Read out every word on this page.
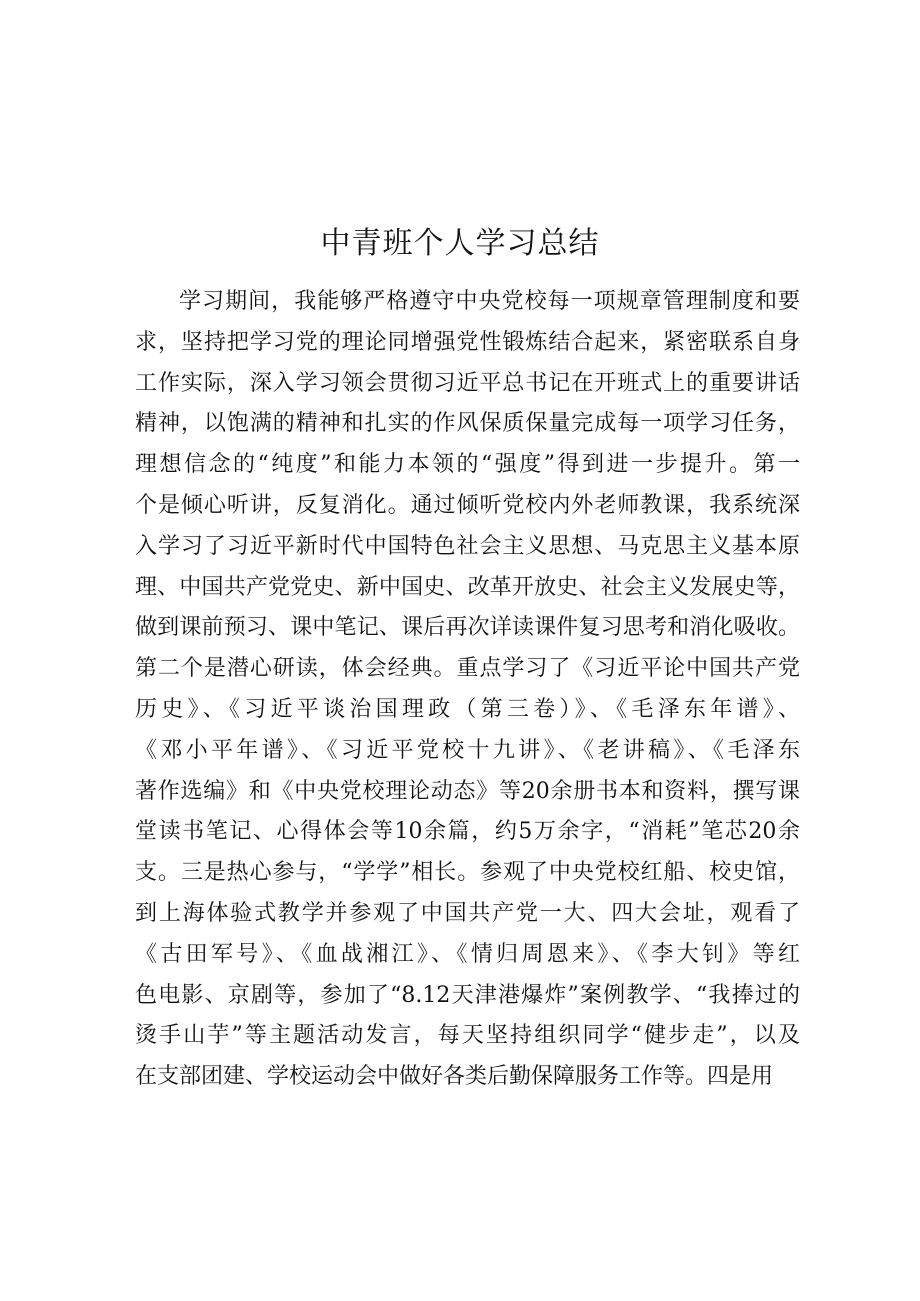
中青班个人学习总结
学习期间，我能够严格遵守中央党校每一项规章管理制度和要
求，坚持把学习党的理论同增强党性锻炼结合起来，紧密联系自身
工作实际，深入学习领会贯彻习近平总书记在开班式上的重要讲话
精神，以饱满的精神和扎实的作风保质保量完成每一项学习任务，
理想信念的“纯度”和能力本领的“强度”得到进一步提升。第一
个是倾心听讲，反复消化。通过倾听党校内外老师教课，我系统深
入学习了习近平新时代中国特色社会主义思想、马克思主义基本原
理、中国共产党党史、新中国史、改革开放史、社会主义发展史等，
做到课前预习、课中笔记、课后再次详读课件复习思考和消化吸收。
第二个是潜心研读，体会经典。重点学习了《习近平论中国共产党
历史》、《习近平谈治国理政（第三卷）》、《毛泽东年谱》、
《邓小平年谱》、《习近平党校十九讲》、《老讲稿》、《毛泽东
著作选编》和《中央党校理论动态》等20余册书本和资料，撰写课
堂读书笔记、心得体会等10余篇，约5万余字，“消耗”笔芯20余
支。三是热心参与，“学学”相长。参观了中央党校红船、校史馆，
到上海体验式教学并参观了中国共产党一大、四大会址，观看了
《古田军号》、《血战湘江》、《情归周恩来》、《李大钊》等红
色电影、京剧等，参加了“8.12天津港爆炸”案例教学、“我捧过的
烫手山芋”等主题活动发言，每天坚持组织同学“健步走”，以及
在支部团建、学校运动会中做好各类后勤保障服务工作等。四是用
